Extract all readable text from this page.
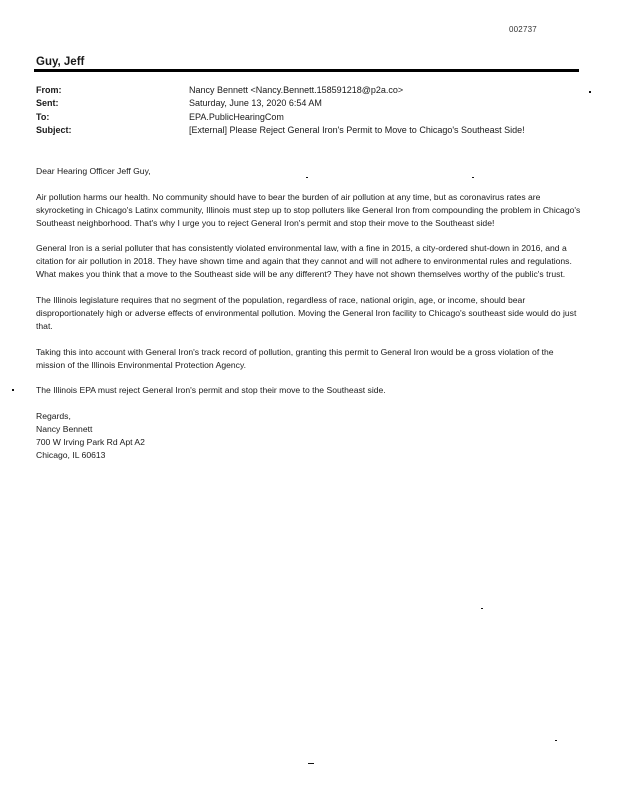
002737
Guy, Jeff
From:	Nancy Bennett <Nancy.Bennett.158591218@p2a.co>
Sent:	Saturday, June 13, 2020 6:54 AM
To:	EPA.PublicHearingCom
Subject:	[External] Please Reject General Iron's Permit to Move to Chicago's Southeast Side!

Dear Hearing Officer Jeff Guy,

Air pollution harms our health. No community should have to bear the burden of air pollution at any time, but as coronavirus rates are skyrocketing in Chicago's Latinx community, Illinois must step up to stop polluters like General Iron from compounding the problem in Chicago's Southeast neighborhood. That's why I urge you to reject General Iron's permit and stop their move to the Southeast side!

General Iron is a serial polluter that has consistently violated environmental law, with a fine in 2015, a city-ordered shut-down in 2016, and a citation for air pollution in 2018. They have shown time and again that they cannot and will not adhere to environmental rules and regulations. What makes you think that a move to the Southeast side will be any different? They have not shown themselves worthy of the public's trust.

The Illinois legislature requires that no segment of the population, regardless of race, national origin, age, or income, should bear disproportionately high or adverse effects of environmental pollution. Moving the General Iron facility to Chicago's southeast side would do just that.

Taking this into account with General Iron's track record of pollution, granting this permit to General Iron would be a gross violation of the mission of the Illinois Environmental Protection Agency.

The Illinois EPA must reject General Iron's permit and stop their move to the Southeast side.

Regards,

Nancy Bennett

700 W Irving Park Rd Apt A2

Chicago, IL 60613
